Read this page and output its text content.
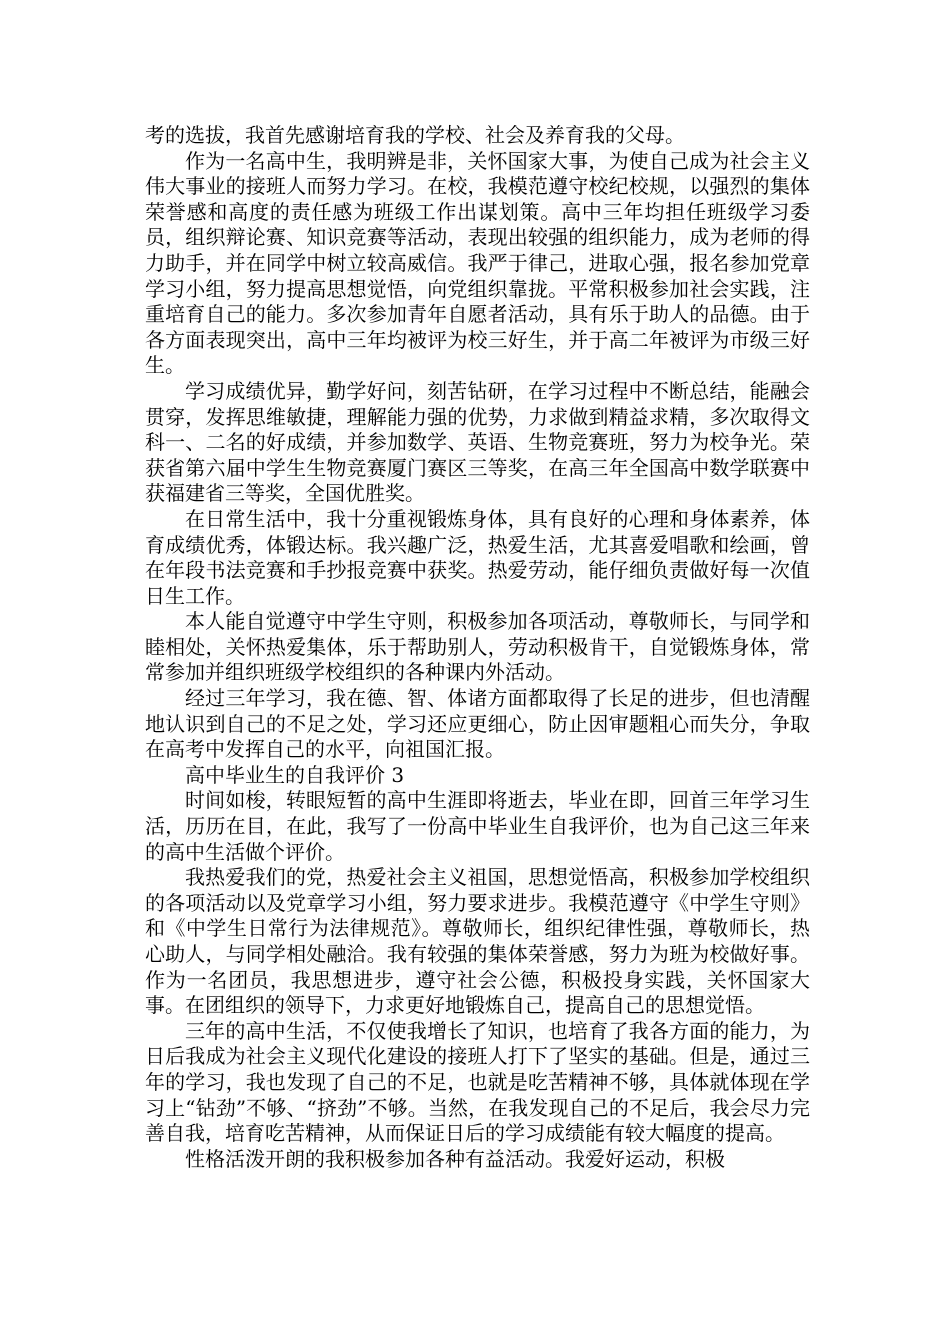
考的选拔，我首先感谢培育我的学校、社会及养育我的父母。

作为一名高中生，我明辨是非，关怀国家大事，为使自己成为社会主义伟大事业的接班人而努力学习。在校，我模范遵守校纪校规，以强烈的集体荣誉感和高度的责任感为班级工作出谋划策。高中三年均担任班级学习委员，组织辩论赛、知识竞赛等活动，表现出较强的组织能力，成为老师的得力助手，并在同学中树立较高威信。我严于律己，进取心强，报名参加党章学习小组，努力提高思想觉悟，向党组织靠拢。平常积极参加社会实践，注重培育自己的能力。多次参加青年自愿者活动，具有乐于助人的品德。由于各方面表现突出，高中三年均被评为校三好生，并于高二年被评为市级三好生。

学习成绩优异，勤学好问，刻苦钻研，在学习过程中不断总结，能融会贯穿，发挥思维敏捷，理解能力强的优势，力求做到精益求精，多次取得文科一、二名的好成绩，并参加数学、英语、生物竞赛班，努力为校争光。荣获省第六届中学生生物竞赛厦门赛区三等奖，在高三年全国高中数学联赛中获福建省三等奖，全国优胜奖。

在日常生活中，我十分重视锻炼身体，具有良好的心理和身体素养，体育成绩优秀，体锻达标。我兴趣广泛，热爱生活，尤其喜爱唱歌和绘画，曾在年段书法竞赛和手抄报竞赛中获奖。热爱劳动，能仔细负责做好每一次值日生工作。

本人能自觉遵守中学生守则，积极参加各项活动，尊敬师长，与同学和睦相处，关怀热爱集体，乐于帮助别人，劳动积极肯干，自觉锻炼身体，常常参加并组织班级学校组织的各种课内外活动。

经过三年学习，我在德、智、体诸方面都取得了长足的进步，但也清醒地认识到自己的不足之处，学习还应更细心，防止因审题粗心而失分，争取在高考中发挥自己的水平，向祖国汇报。

高中毕业生的自我评价 3

时间如梭，转眼短暂的高中生涯即将逝去，毕业在即，回首三年学习生活，历历在目，在此，我写了一份高中毕业生自我评价，也为自己这三年来的高中生活做个评价。

我热爱我们的党，热爱社会主义祖国，思想觉悟高，积极参加学校组织的各项活动以及党章学习小组，努力要求进步。我模范遵守《中学生守则》和《中学生日常行为法律规范》。尊敬师长，组织纪律性强，尊敬师长，热心助人，与同学相处融洽。我有较强的集体荣誉感，努力为班为校做好事。作为一名团员，我思想进步，遵守社会公德，积极投身实践，关怀国家大事。在团组织的领导下，力求更好地锻炼自己，提高自己的思想觉悟。

三年的高中生活，不仅使我增长了知识，也培育了我各方面的能力，为日后我成为社会主义现代化建设的接班人打下了坚实的基础。但是，通过三年的学习，我也发现了自己的不足，也就是吃苦精神不够，具体就体现在学习上“钻劲”不够、“挤劲”不够。当然，在我发现自己的不足后，我会尽力完善自我，培育吃苦精神，从而保证日后的学习成绩能有较大幅度的提高。

性格活泼开朗的我积极参加各种有益活动。我爱好运动，积极
